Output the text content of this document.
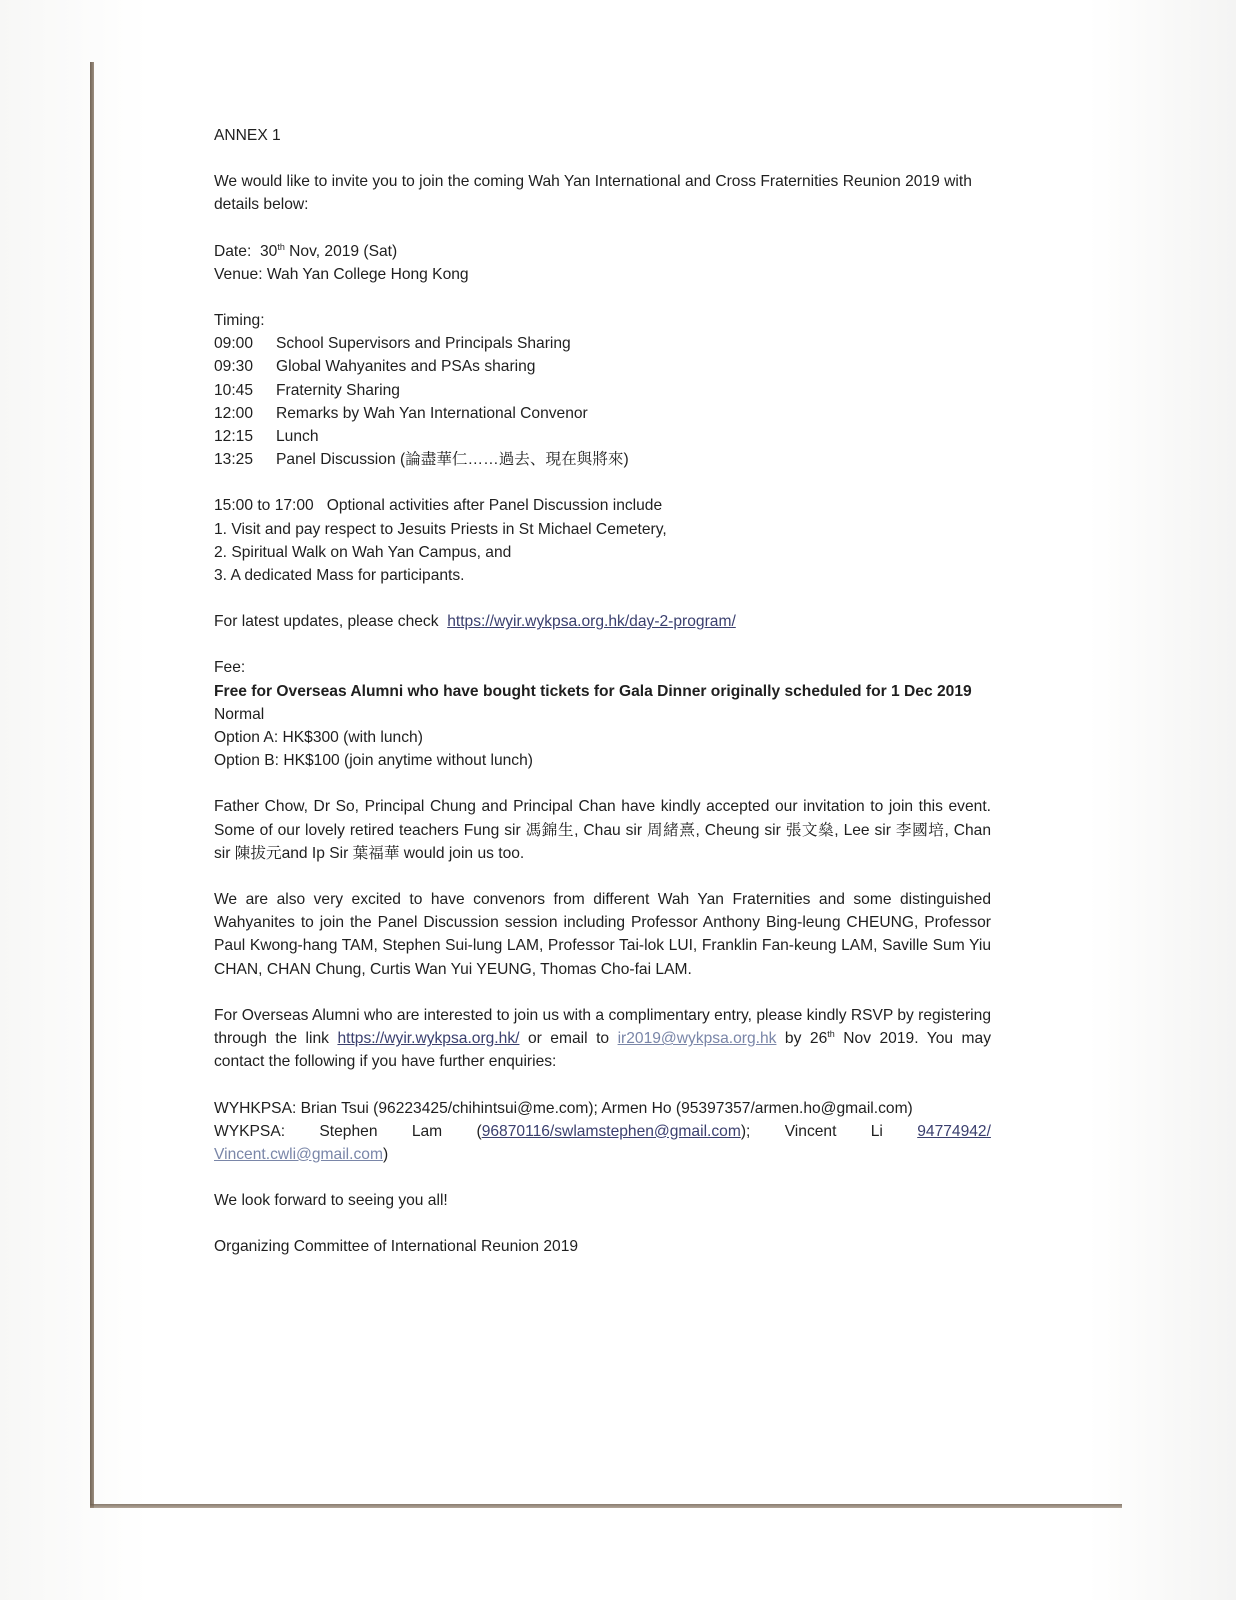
ANNEX 1

We would like to invite you to join the coming Wah Yan International and Cross Fraternities Reunion 2019 with details below:

Date: 30th Nov, 2019 (Sat)

Venue: Wah Yan College Hong Kong

Timing:

09:00	School Supervisors and Principals Sharing
09:30	Global Wahyanites and PSAs sharing
10:45	Fraternity Sharing
12:00	Remarks by Wah Yan International Convenor
12:15	Lunch
13:25	Panel Discussion (論盡華仁……過去、現在與將來)

15:00 to 17:00   Optional activities after Panel Discussion include

1. Visit and pay respect to Jesuits Priests in St Michael Cemetery,

2. Spiritual Walk on Wah Yan Campus, and

3. A dedicated Mass for participants.

For latest updates, please check https://wyir.wykpsa.org.hk/day-2-program/

Fee:

Free for Overseas Alumni who have bought tickets for Gala Dinner originally scheduled for 1 Dec 2019

Normal

Option A: HK$300 (with lunch)

Option B: HK$100 (join anytime without lunch)

Father Chow, Dr So, Principal Chung and Principal Chan have kindly accepted our invitation to join this event. Some of our lovely retired teachers Fung sir 馮錦生, Chau sir 周緒熹, Cheung sir 張文燊, Lee sir 李國培, Chan sir 陳拔元and Ip Sir 葉福華 would join us too.

We are also very excited to have convenors from different Wah Yan Fraternities and some distinguished Wahyanites to join the Panel Discussion session including Professor Anthony Bing-leung CHEUNG, Professor Paul Kwong-hang TAM, Stephen Sui-lung LAM, Professor Tai-lok LUI, Franklin Fan-keung LAM, Saville Sum Yiu CHAN, CHAN Chung, Curtis Wan Yui YEUNG, Thomas Cho-fai LAM.

For Overseas Alumni who are interested to join us with a complimentary entry, please kindly RSVP by registering through the link https://wyir.wykpsa.org.hk/ or email to ir2019@wykpsa.org.hk by 26th Nov 2019. You may contact the following if you have further enquiries:

WYHKPSA: Brian Tsui (96223425/chihintsui@me.com); Armen Ho (95397357/armen.ho@gmail.com)

WYKPSA: Stephen Lam (96870116/swlamstephen@gmail.com); Vincent Li 94774942/

Vincent.cwli@gmail.com)

We look forward to seeing you all!

Organizing Committee of International Reunion 2019
